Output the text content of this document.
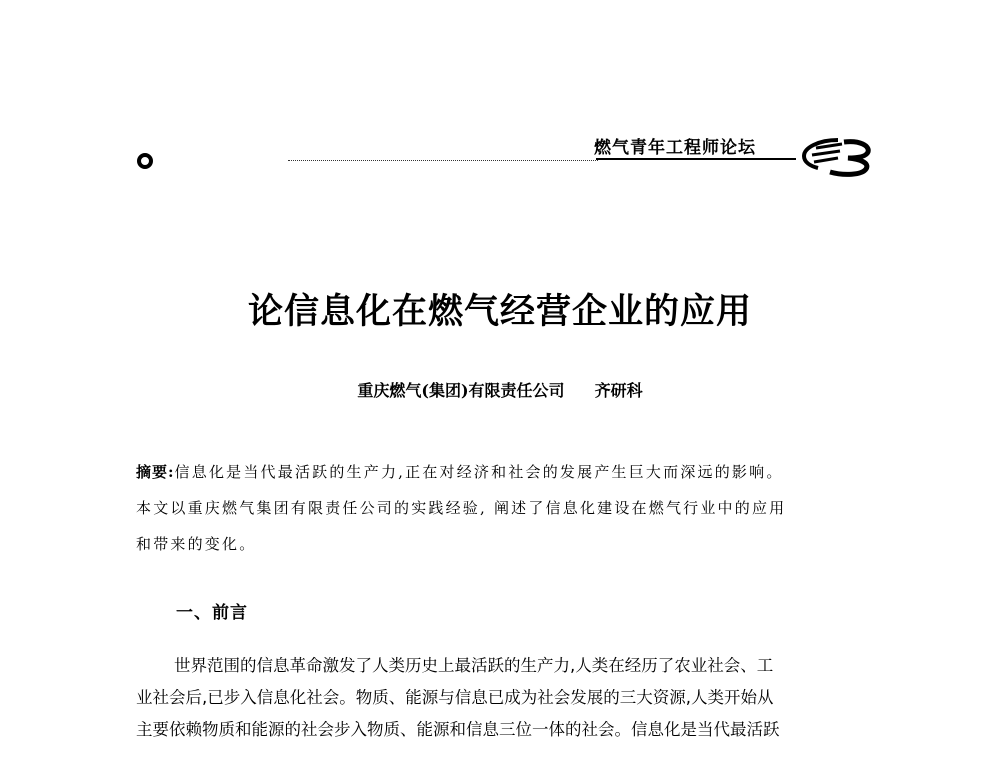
燃气青年工程师论坛
论信息化在燃气经营企业的应用
重庆燃气(集团)有限责任公司 齐研科
摘要:信息化是当代最活跃的生产力,正在对经济和社会的发展产生巨大而深远的影响。
本文以重庆燃气集团有限责任公司的实践经验, 阐述了信息化建设在燃气行业中的应用
和带来的变化。
一、前言
世界范围的信息革命激发了人类历史上最活跃的生产力,人类在经历了农业社会、工
业社会后,已步入信息化社会。物质、能源与信息已成为社会发展的三大资源,人类开始从
主要依赖物质和能源的社会步入物质、能源和信息三位一体的社会。信息化是当代最活跃
